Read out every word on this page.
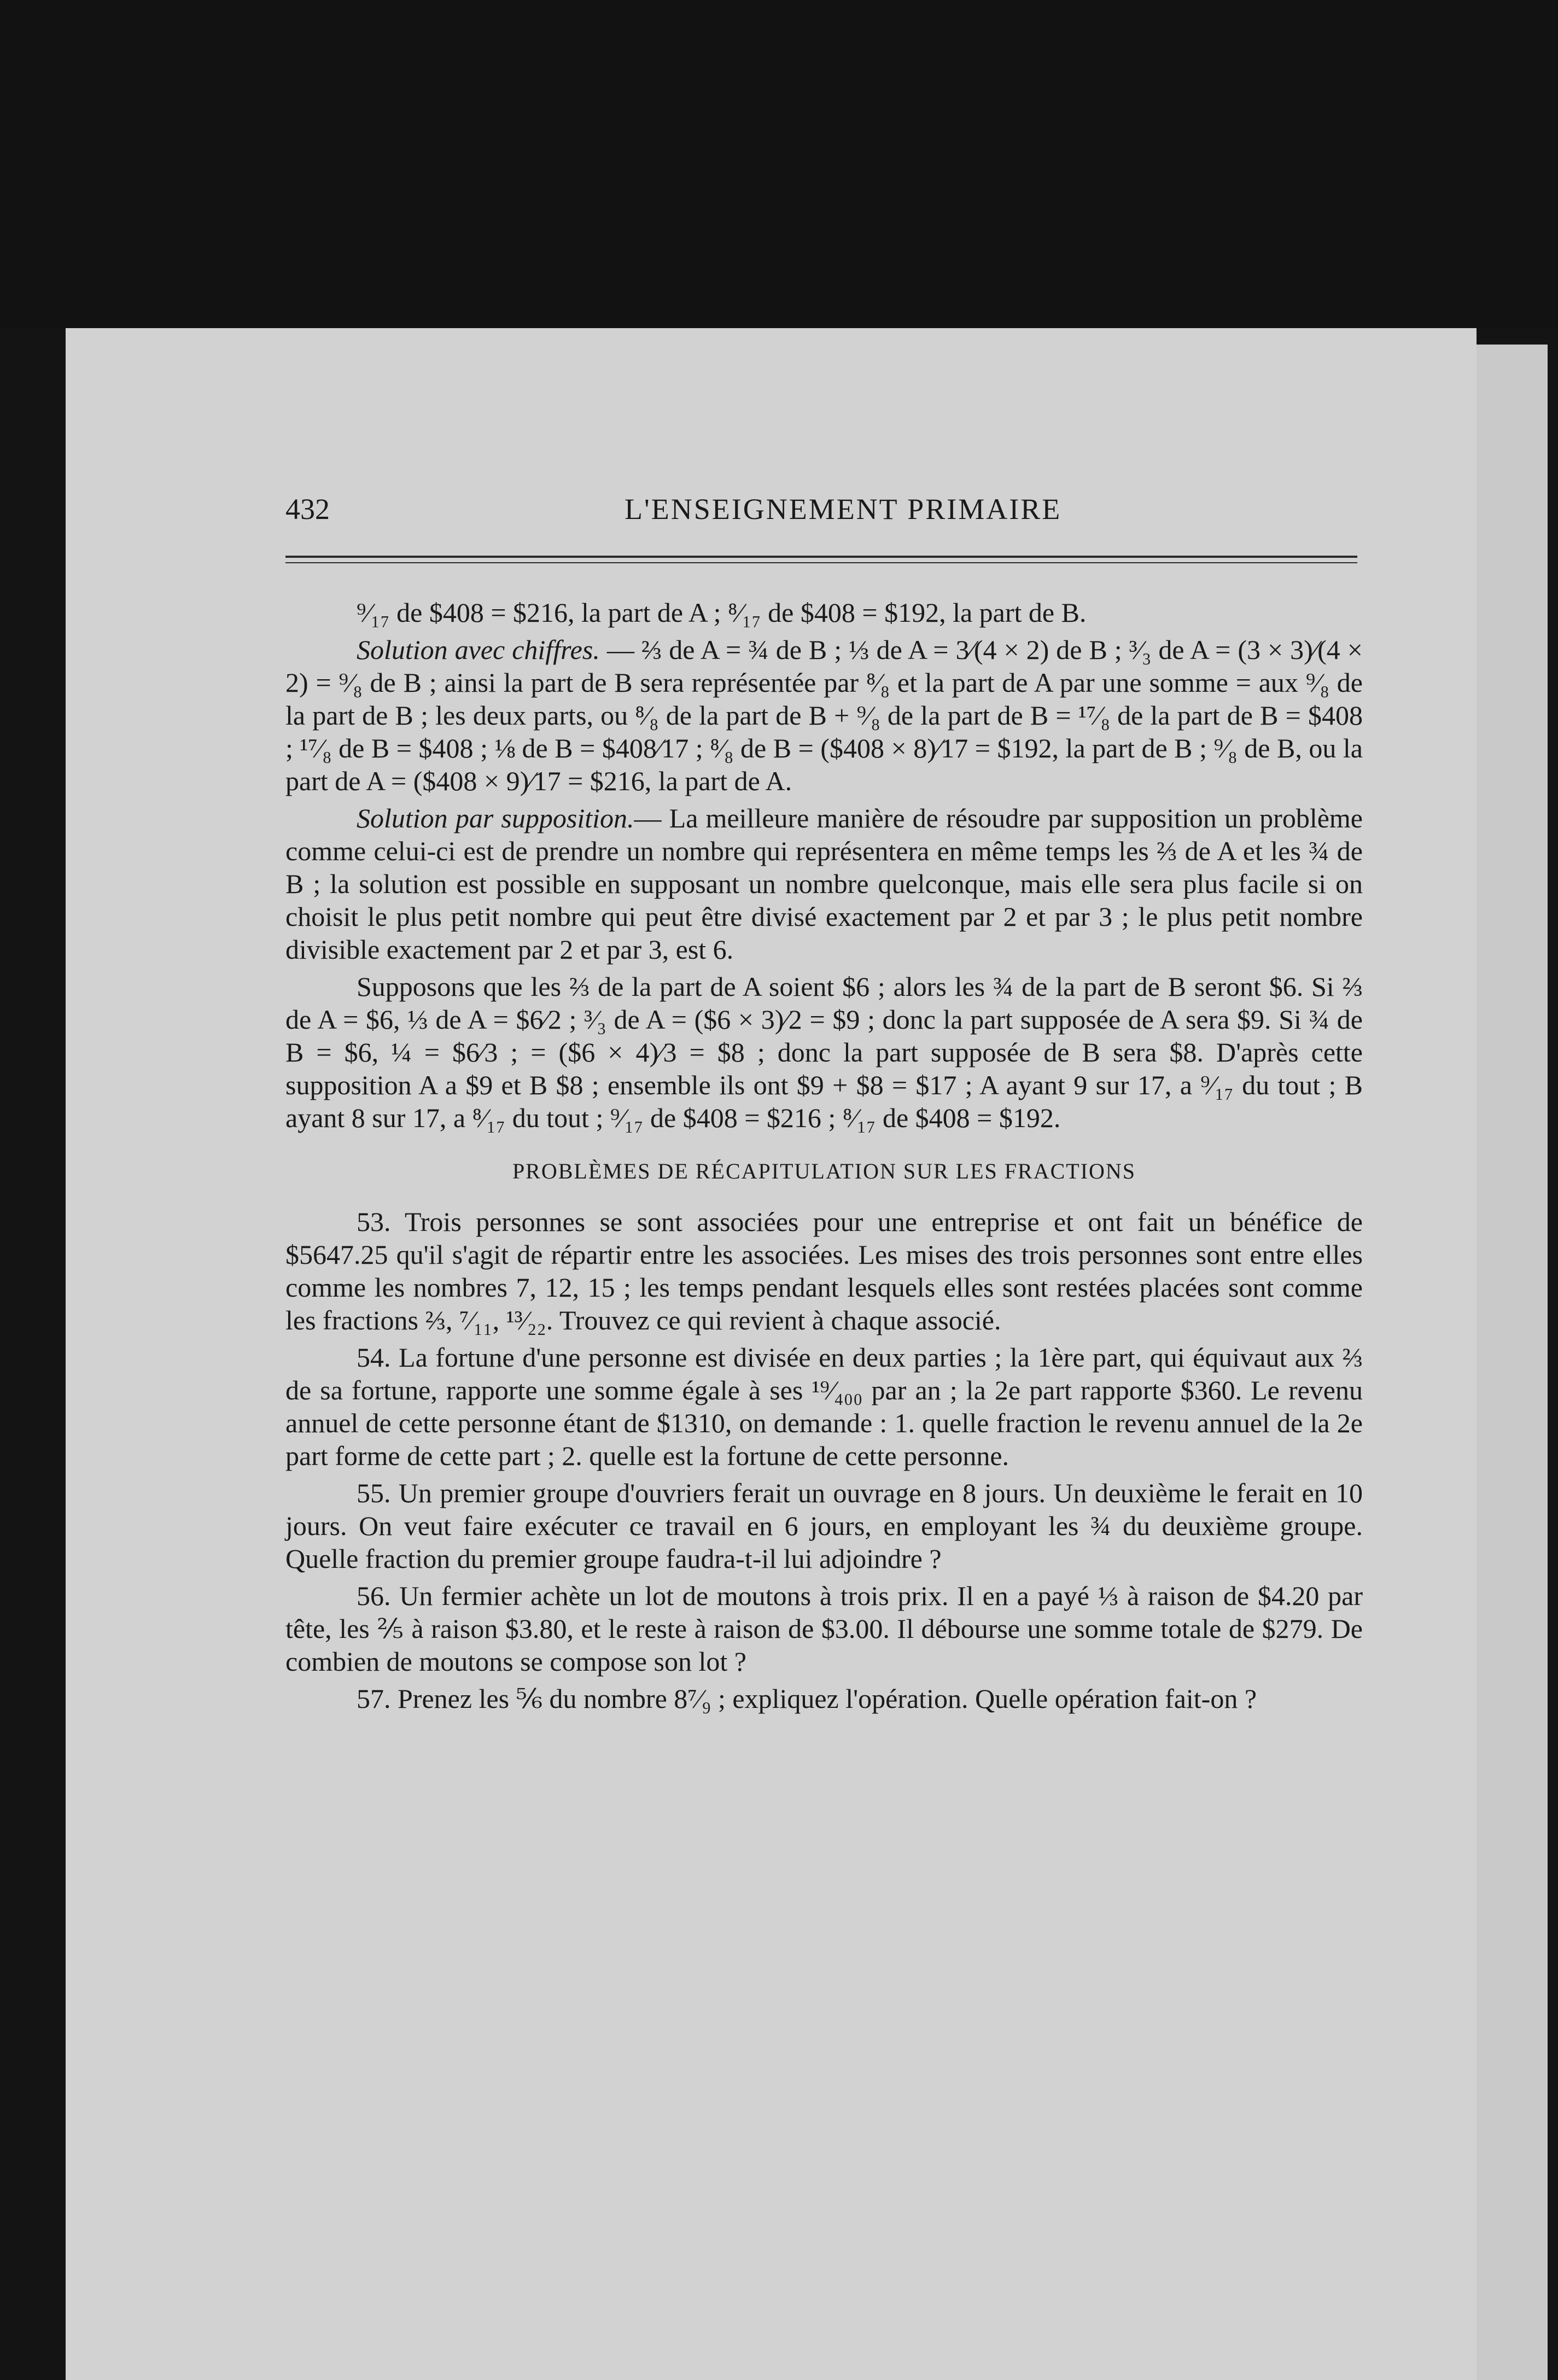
432	L'ENSEIGNEMENT PRIMAIRE

⁹⁄₁₇ de $408 = $216, la part de A ; ⁸⁄₁₇ de $408 = $192, la part de B.

Solution avec chiffres. — ⅔ de A = ¾ de B ; ⅓ de A = 3⁄(4 × 2) de B ; ³⁄₃ de A = (3 × 3)⁄(4 × 2) = ⁹⁄₈ de B ; ainsi la part de B sera représentée par ⁸⁄₈ et la part de A par une somme = aux ⁹⁄₈ de la part de B ; les deux parts, ou ⁸⁄₈ de la part de B + ⁹⁄₈ de la part de B = ¹⁷⁄₈ de la part de B = $408 ; ¹⁷⁄₈ de B = $408 ; ⅛ de B = $408⁄17 ; ⁸⁄₈ de B = ($408 × 8)⁄17 = $192, la part de B ; ⁹⁄₈ de B, ou la part de A = ($408 × 9)⁄17 = $216, la part de A.

Solution par supposition.— La meilleure manière de résoudre par supposition un problème comme celui-ci est de prendre un nombre qui représentera en même temps les ⅔ de A et les ¾ de B ; la solution est possible en supposant un nombre quelconque, mais elle sera plus facile si on choisit le plus petit nombre qui peut être divisé exactement par 2 et par 3 ; le plus petit nombre divisible exactement par 2 et par 3, est 6.

Supposons que les ⅔ de la part de A soient $6 ; alors les ¾ de la part de B seront $6. Si ⅔ de A = $6, ⅓ de A = $6⁄2 ; ³⁄₃ de A = ($6 × 3)⁄2 = $9 ; donc la part supposée de A sera $9. Si ¾ de B = $6, ¼ = $6⁄3 ; = ($6 × 4)⁄3 = $8 ; donc la part supposée de B sera $8. D'après cette supposition A a $9 et B $8 ; ensemble ils ont $9 + $8 = $17 ; A ayant 9 sur 17, a ⁹⁄₁₇ du tout ; B ayant 8 sur 17, a ⁸⁄₁₇ du tout ; ⁹⁄₁₇ de $408 = $216 ; ⁸⁄₁₇ de $408 = $192.

PROBLÈMES DE RÉCAPITULATION SUR LES FRACTIONS

53. Trois personnes se sont associées pour une entreprise et ont fait un bénéfice de $5647.25 qu'il s'agit de répartir entre les associées. Les mises des trois personnes sont entre elles comme les nombres 7, 12, 15 ; les temps pendant lesquels elles sont restées placées sont comme les fractions ⅔, ⁷⁄₁₁, ¹³⁄₂₂. Trouvez ce qui revient à chaque associé.

54. La fortune d'une personne est divisée en deux parties ; la 1ère part, qui équivaut aux ⅔ de sa fortune, rapporte une somme égale à ses ¹⁹⁄₄₀₀ par an ; la 2e part rapporte $360. Le revenu annuel de cette personne étant de $1310, on demande : 1. quelle fraction le revenu annuel de la 2e part forme de cette part ; 2. quelle est la fortune de cette personne.

55. Un premier groupe d'ouvriers ferait un ouvrage en 8 jours. Un deuxième le ferait en 10 jours. On veut faire exécuter ce travail en 6 jours, en employant les ¾ du deuxième groupe. Quelle fraction du premier groupe faudra-t-il lui adjoindre ?

56. Un fermier achète un lot de moutons à trois prix. Il en a payé ⅓ à raison de $4.20 par tête, les ⅖ à raison $3.80, et le reste à raison de $3.00. Il débourse une somme totale de $279. De combien de moutons se compose son lot ?

57. Prenez les ⅚ du nombre 8⁷⁄₉ ; expliquez l'opération. Quelle opération fait-on ?
